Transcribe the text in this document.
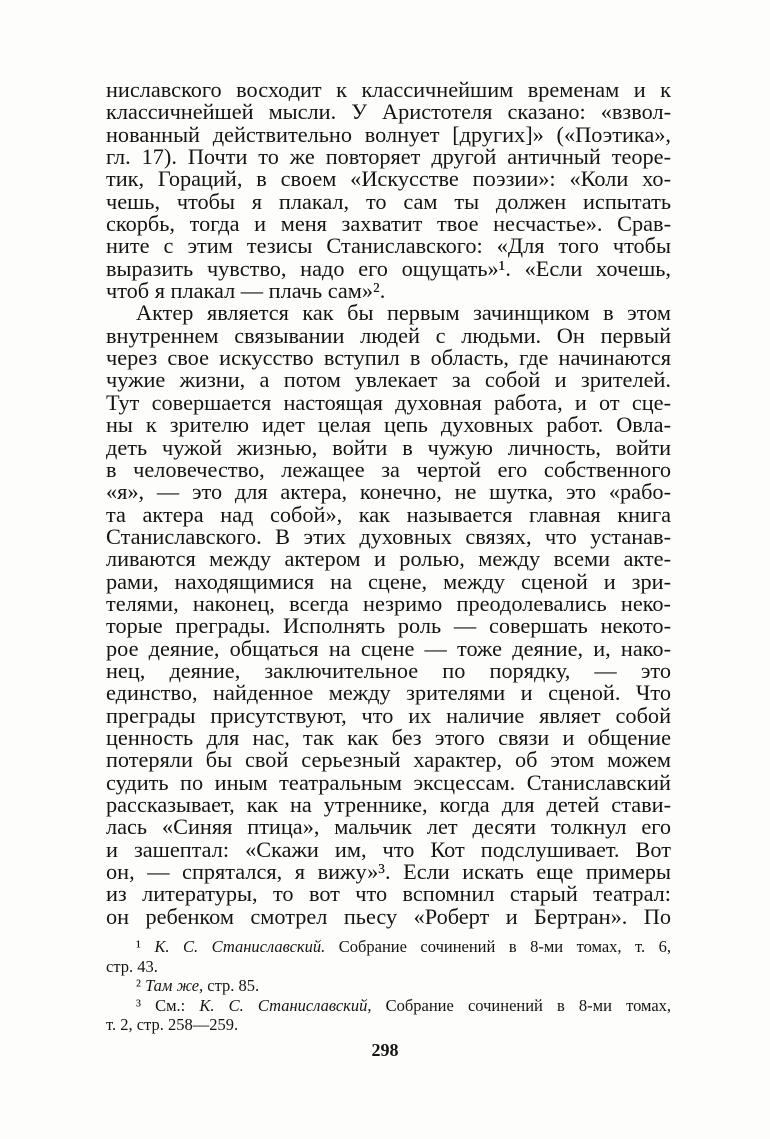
ниславского восходит к классичнейшим временам и к
классичнейшей мысли. У Аристотеля сказано: «взвол-
нованный действительно волнует [других]» («Поэтика»,
гл. 17). Почти то же повторяет другой античный теоре-
тик, Гораций, в своем «Искусстве поэзии»: «Коли хо-
чешь, чтобы я плакал, то сам ты должен испытать
скорбь, тогда и меня захватит твое несчастье». Срав-
ните с этим тезисы Станиславского: «Для того чтобы
выразить чувство, надо его ощущать»¹. «Если хочешь,
чтоб я плакал — плачь сам»².
Актер является как бы первым зачинщиком в этом
внутреннем связывании людей с людьми. Он первый
через свое искусство вступил в область, где начинаются
чужие жизни, а потом увлекает за собой и зрителей.
Тут совершается настоящая духовная работа, и от сце-
ны к зрителю идет целая цепь духовных работ. Овла-
деть чужой жизнью, войти в чужую личность, войти
в человечество, лежащее за чертой его собственного
«я», — это для актера, конечно, не шутка, это «рабо-
та актера над собой», как называется главная книга
Станиславского. В этих духовных связях, что устанав-
ливаются между актером и ролью, между всеми акте-
рами, находящимися на сцене, между сценой и зри-
телями, наконец, всегда незримо преодолевались неко-
торые преграды. Исполнять роль — совершать некото-
рое деяние, общаться на сцене — тоже деяние, и, нако-
нец, деяние, заключительное по порядку, — это
единство, найденное между зрителями и сценой. Что
преграды присутствуют, что их наличие являет собой
ценность для нас, так как без этого связи и общение
потеряли бы свой серьезный характер, об этом можем
судить по иным театральным эксцессам. Станиславский
рассказывает, как на утреннике, когда для детей стави-
лась «Синяя птица», мальчик лет десяти толкнул его
и зашептал: «Скажи им, что Кот подслушивает. Вот
он, — спрятался, я вижу»³. Если искать еще примеры
из литературы, то вот что вспомнил старый театрал:
он ребенком смотрел пьесу «Роберт и Бертран». По
¹ К. С. Станиславский. Собрание сочинений в 8-ми томах, т. 6,
стр. 43.
² Там же, стр. 85.
³ См.: К. С. Станиславский, Собрание сочинений в 8-ми томах,
т. 2, стр. 258—259.
298
